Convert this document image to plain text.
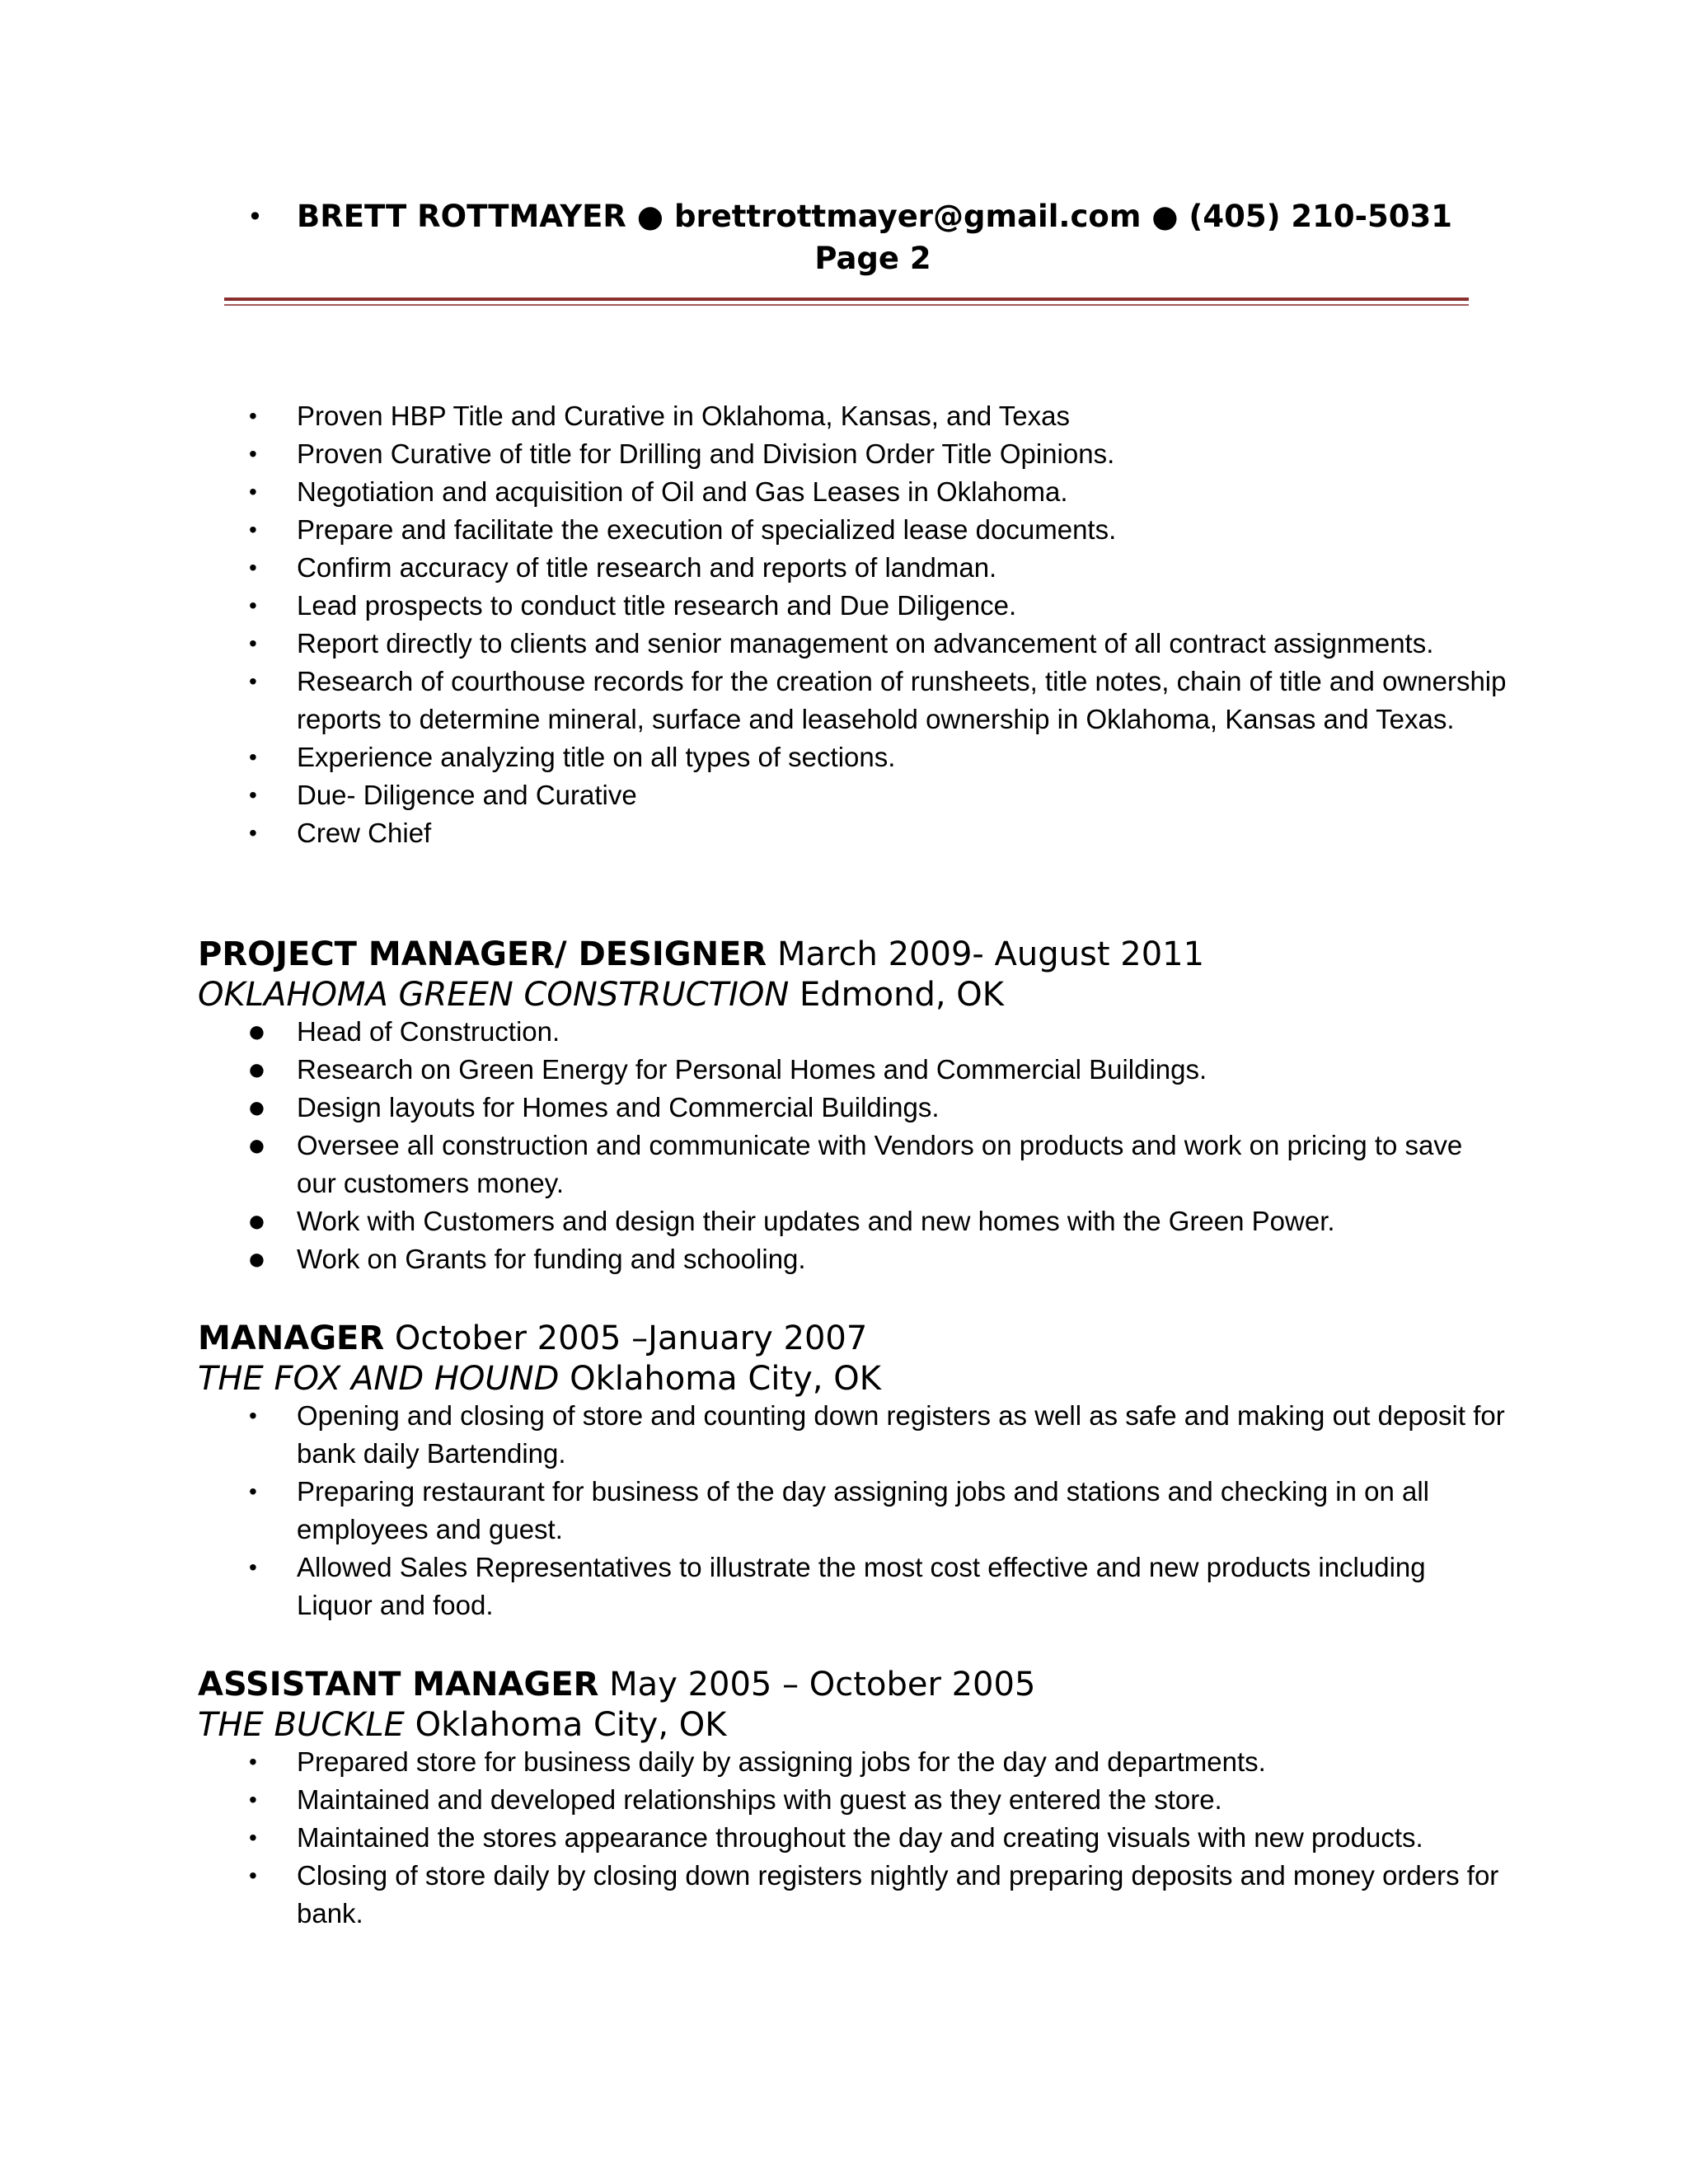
• BRETT ROTTMAYER ● brettrottmayer@gmail.com ● (405) 210-5031
Page 2
• Proven HBP Title and Curative in Oklahoma, Kansas, and Texas
• Proven Curative of title for Drilling and Division Order Title Opinions.
• Negotiation and acquisition of Oil and Gas Leases in Oklahoma.
• Prepare and facilitate the execution of specialized lease documents.
• Confirm accuracy of title research and reports of landman.
• Lead prospects to conduct title research and Due Diligence.
• Report directly to clients and senior management on advancement of all contract assignments.
• Research of courthouse records for the creation of runsheets, title notes, chain of title and ownership reports to determine mineral, surface and leasehold ownership in Oklahoma, Kansas and Texas.
• Experience analyzing title on all types of sections.
• Due- Diligence and Curative
• Crew Chief
PROJECT MANAGER/ DESIGNER March 2009- August 2011
OKLAHOMA GREEN CONSTRUCTION Edmond, OK
● Head of Construction.
● Research on Green Energy for Personal Homes and Commercial Buildings.
● Design layouts for Homes and Commercial Buildings.
● Oversee all construction and communicate with Vendors on products and work on pricing to save our customers money.
● Work with Customers and design their updates and new homes with the Green Power.
● Work on Grants for funding and schooling.
MANAGER October 2005 –January 2007
THE FOX AND HOUND Oklahoma City, OK
• Opening and closing of store and counting down registers as well as safe and making out deposit for bank daily Bartending.
• Preparing restaurant for business of the day assigning jobs and stations and checking in on all employees and guest.
• Allowed Sales Representatives to illustrate the most cost effective and new products including Liquor and food.
ASSISTANT MANAGER May 2005 – October 2005
THE BUCKLE Oklahoma City, OK
• Prepared store for business daily by assigning jobs for the day and departments.
• Maintained and developed relationships with guest as they entered the store.
• Maintained the stores appearance throughout the day and creating visuals with new products.
• Closing of store daily by closing down registers nightly and preparing deposits and money orders for bank.
